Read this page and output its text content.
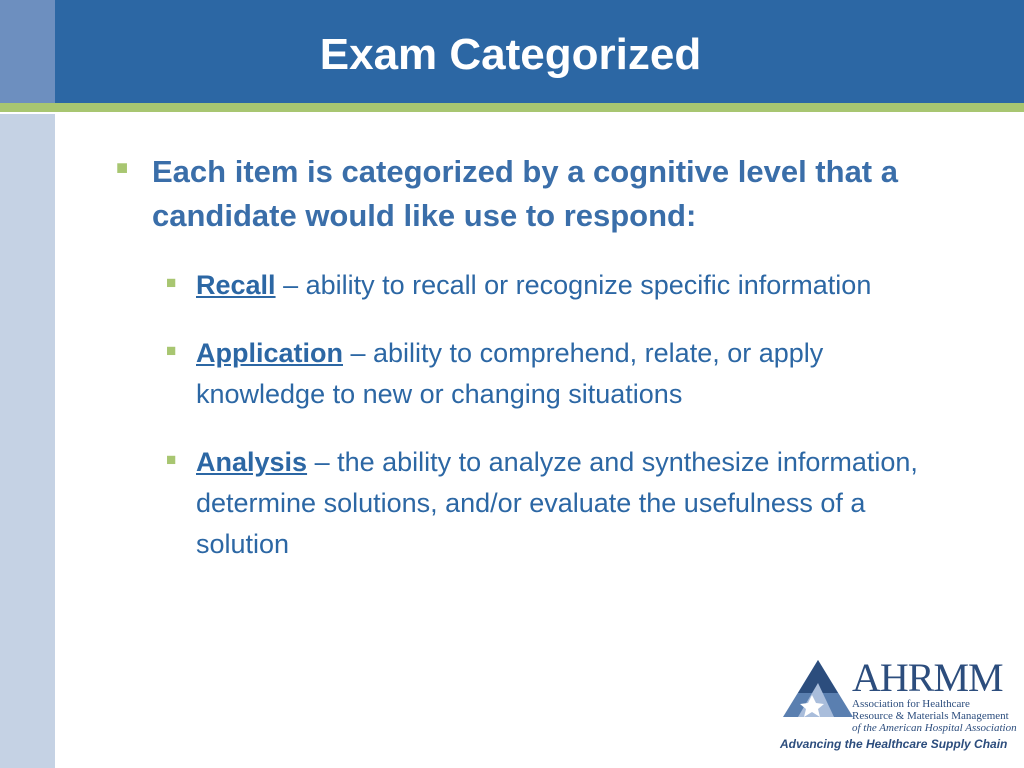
Exam Categorized

■ Each item is categorized by a cognitive level that a candidate would like use to respond:

■ Recall – ability to recall or recognize specific information

■ Application – ability to comprehend, relate, or apply knowledge to new or changing situations

■ Analysis – the ability to analyze and synthesize information, determine solutions, and/or evaluate the usefulness of a solution

AHRMM
Association for Healthcare
Resource & Materials Management
of the American Hospital Association
Advancing the Healthcare Supply Chain
